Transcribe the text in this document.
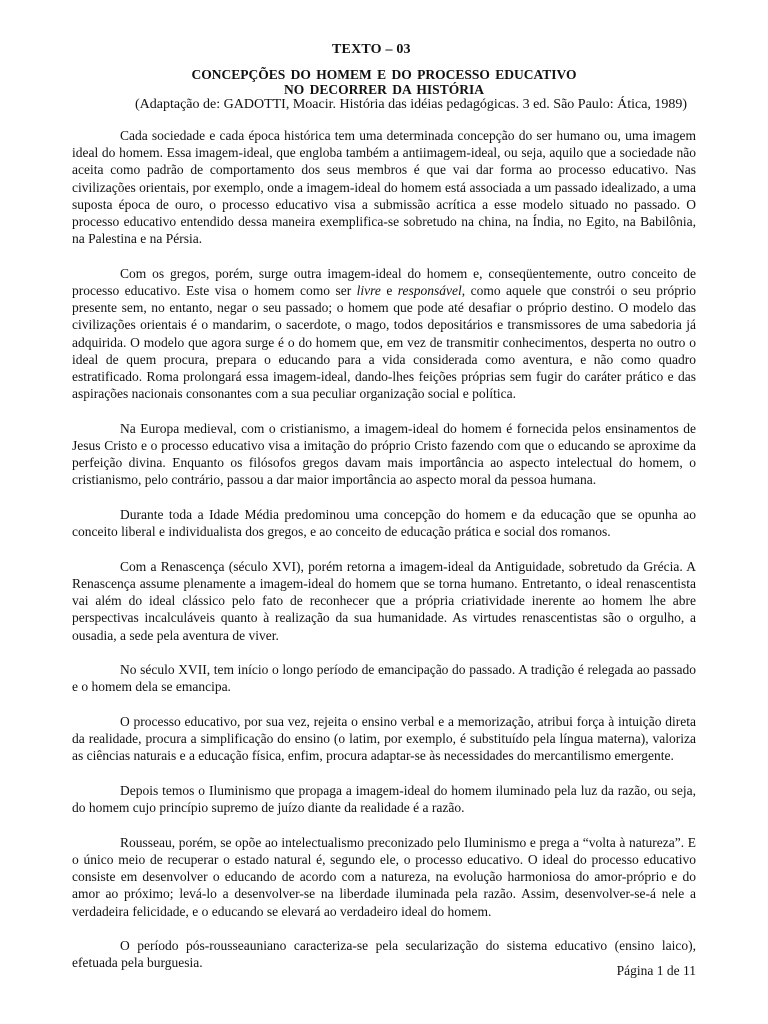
TEXTO – 03
CONCEPÇÕES DO HOMEM E DO PROCESSO EDUCATIVO
NO DECORRER DA HISTÓRIA
(Adaptação de: GADOTTI, Moacir. História das idéias pedagógicas. 3 ed. São Paulo: Ática, 1989)

Cada sociedade e cada época histórica tem uma determinada concepção do ser humano ou, uma imagem ideal do homem. Essa imagem-ideal, que engloba também a antiimagem-ideal, ou seja, aquilo que a sociedade não aceita como padrão de comportamento dos seus membros é que vai dar forma ao processo educativo. Nas civilizações orientais, por exemplo, onde a imagem-ideal do homem está associada a um passado idealizado, a uma suposta época de ouro, o processo educativo visa a submissão acrítica a esse modelo situado no passado. O processo educativo entendido dessa maneira exemplifica-se sobretudo na china, na Índia, no Egito, na Babilônia, na Palestina e na Pérsia.

Com os gregos, porém, surge outra imagem-ideal do homem e, conseqüentemente, outro conceito de processo educativo. Este visa o homem como ser livre e responsável, como aquele que constrói o seu próprio presente sem, no entanto, negar o seu passado; o homem que pode até desafiar o próprio destino. O modelo das civilizações orientais é o mandarim, o sacerdote, o mago, todos depositários e transmissores de uma sabedoria já adquirida. O modelo que agora surge é o do homem que, em vez de transmitir conhecimentos, desperta no outro o ideal de quem procura, prepara o educando para a vida considerada como aventura, e não como quadro estratificado. Roma prolongará essa imagem-ideal, dando-lhes feições próprias sem fugir do caráter prático e das aspirações nacionais consonantes com a sua peculiar organização social e política.

Na Europa medieval, com o cristianismo, a imagem-ideal do homem é fornecida pelos ensinamentos de Jesus Cristo e o processo educativo visa a imitação do próprio Cristo fazendo com que o educando se aproxime da perfeição divina. Enquanto os filósofos gregos davam mais importância ao aspecto intelectual do homem, o cristianismo, pelo contrário, passou a dar maior importância ao aspecto moral da pessoa humana.

Durante toda a Idade Média predominou uma concepção do homem e da educação que se opunha ao conceito liberal e individualista dos gregos, e ao conceito de educação prática e social dos romanos.

Com a Renascença (século XVI), porém retorna a imagem-ideal da Antiguidade, sobretudo da Grécia. A Renascença assume plenamente a imagem-ideal do homem que se torna humano. Entretanto, o ideal renascentista vai além do ideal clássico pelo fato de reconhecer que a própria criatividade inerente ao homem lhe abre perspectivas incalculáveis quanto à realização da sua humanidade. As virtudes renascentistas são o orgulho, a ousadia, a sede pela aventura de viver.

No século XVII, tem início o longo período de emancipação do passado. A tradição é relegada ao passado e o homem dela se emancipa.

O processo educativo, por sua vez, rejeita o ensino verbal e a memorização, atribui força à intuição direta da realidade, procura a simplificação do ensino (o latim, por exemplo, é substituído pela língua materna), valoriza as ciências naturais e a educação física, enfim, procura adaptar-se às necessidades do mercantilismo emergente.

Depois temos o Iluminismo que propaga a imagem-ideal do homem iluminado pela luz da razão, ou seja, do homem cujo princípio supremo de juízo diante da realidade é a razão.

Rousseau, porém, se opõe ao intelectualismo preconizado pelo Iluminismo e prega a “volta à natureza”. E o único meio de recuperar o estado natural é, segundo ele, o processo educativo. O ideal do processo educativo consiste em desenvolver o educando de acordo com a natureza, na evolução harmoniosa do amor-próprio e do amor ao próximo; levá-lo a desenvolver-se na liberdade iluminada pela razão. Assim, desenvolver-se-á nele a verdadeira felicidade, e o educando se elevará ao verdadeiro ideal do homem.

O período pós-rousseauniano caracteriza-se pela secularização do sistema educativo (ensino laico), efetuada pela burguesia.

Página 1 de 11
